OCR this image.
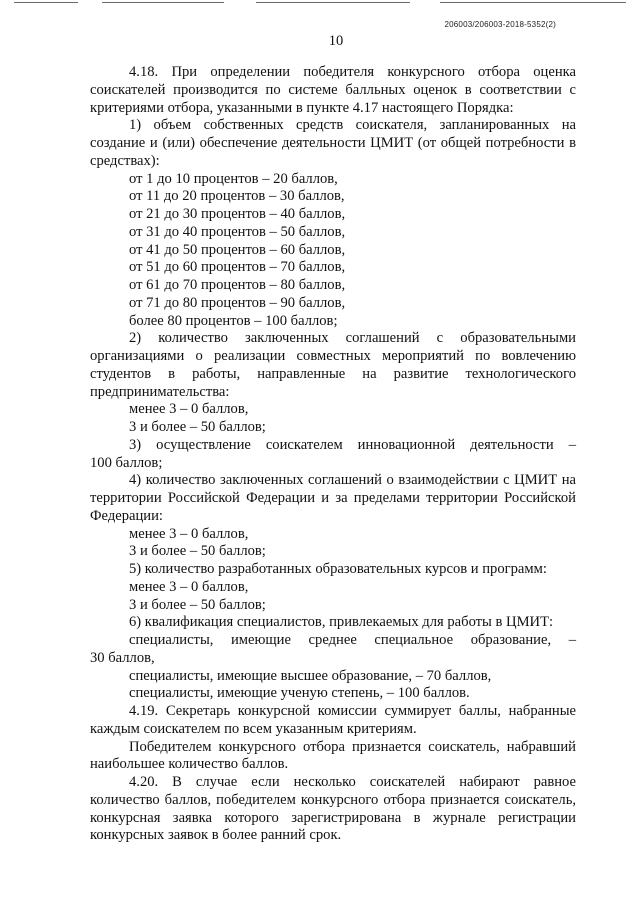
206003/206003-2018-5352(2)
10

4.18. При определении победителя конкурсного отбора оценка соискателей производится по системе балльных оценок в соответствии с критериями отбора, указанными в пункте 4.17 настоящего Порядка:

1) объем собственных средств соискателя, запланированных на создание и (или) обеспечение деятельности ЦМИТ (от общей потребности в средствах):

от 1 до 10 процентов – 20 баллов,

от 11 до 20 процентов – 30 баллов,

от 21 до 30 процентов – 40 баллов,

от 31 до 40 процентов – 50 баллов,

от 41 до 50 процентов – 60 баллов,

от 51 до 60 процентов – 70 баллов,

от 61 до 70 процентов – 80 баллов,

от 71 до 80 процентов – 90 баллов,

более 80 процентов – 100 баллов;

2) количество заключенных соглашений с образовательными организациями о реализации совместных мероприятий по вовлечению студентов в работы, направленные на развитие технологического предпринимательства:

менее 3 – 0 баллов,

3 и более – 50 баллов;

3) осуществление соискателем инновационной деятельности –

100 баллов;

4) количество заключенных соглашений о взаимодействии с ЦМИТ на территории Российской Федерации и за пределами территории Российской Федерации:

менее 3 – 0 баллов,

3 и более – 50 баллов;

5) количество разработанных образовательных курсов и программ:

менее 3 – 0 баллов,

3 и более – 50 баллов;

6) квалификация специалистов, привлекаемых для работы в ЦМИТ:

специалисты, имеющие среднее специальное образование, –

30 баллов,

специалисты, имеющие высшее образование, – 70 баллов,

специалисты, имеющие ученую степень, – 100 баллов.

4.19. Секретарь конкурсной комиссии суммирует баллы, набранные каждым соискателем по всем указанным критериям.

Победителем конкурсного отбора признается соискатель, набравший наибольшее количество баллов.

4.20. В случае если несколько соискателей набирают равное количество баллов, победителем конкурсного отбора признается соискатель, конкурсная заявка которого зарегистрирована в журнале регистрации конкурсных заявок в более ранний срок.
